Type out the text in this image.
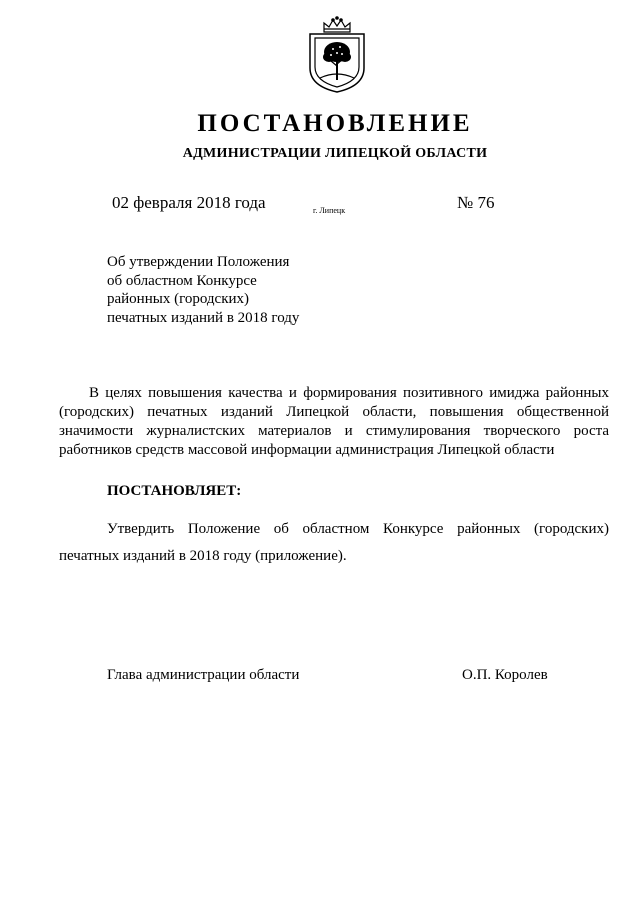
ПОСТАНОВЛЕНИЕ
АДМИНИСТРАЦИИ ЛИПЕЦКОЙ ОБЛАСТИ
02 февраля 2018 года	г. Липецк	№ 76
Об утверждении Положения
об областном Конкурсе
районных (городских)
печатных изданий в 2018 году

В целях повышения качества и формирования позитивного имиджа районных (городских) печатных изданий Липецкой области, повышения общественной значимости журналистских материалов и стимулирования творческого роста работников средств массовой информации администрация Липецкой области

ПОСТАНОВЛЯЕТ:

Утвердить Положение об областном Конкурсе районных (городских) печатных изданий в 2018 году (приложение).

Глава администрации области	О.П. Королев
